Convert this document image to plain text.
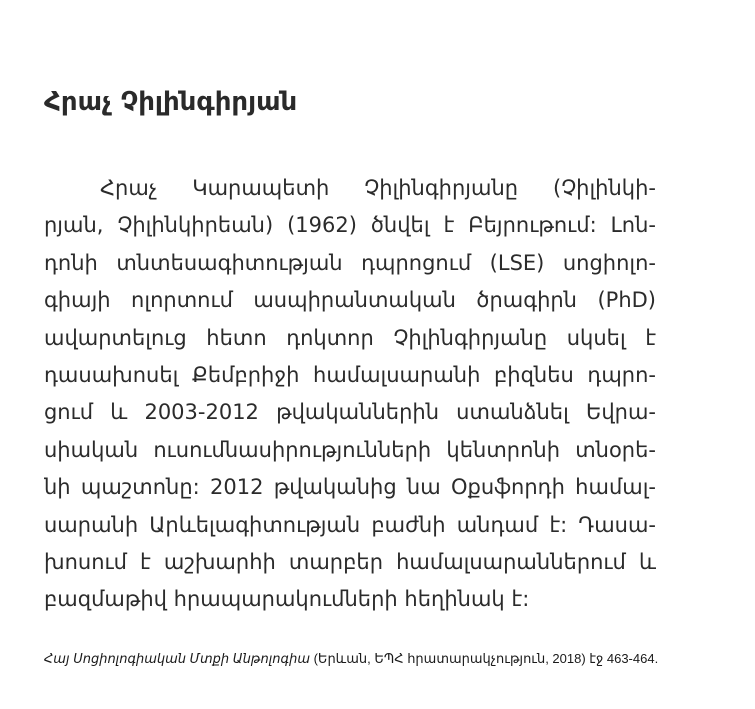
Հրաչ Չիլինգիրյան
Հրաչ Կարապետի Չիլինգիրյանը (Չիլինկի-
րյան, Չիլինկիրեան) (1962) ծնվել է Բեյրութում: Լոն-
դոնի տնտեսագիտության դպրոցում (LSE) սոցիոլո-
գիայի ոլորտում ասպիրանտական ծրագիրն (PhD)
ավարտելուց հետո դոկտոր Չիլինգիրյանը սկսել է
դասախոսել Քեմբրիջի համալսարանի բիզնես դպրո-
ցում և 2003-2012 թվականներին ստանձնել Եվրա-
սիական ուսումնասիրությունների կենտրոնի տնօրե-
նի պաշտոնը: 2012 թվականից նա Օքսֆորդի համալ-
սարանի Արևելագիտության բաժնի անդամ է: Դասա-
խոսում է աշխարհի տարբեր համալսարաններում և
բազմաթիվ հրապարակումների հեղինակ է:

Հայ Սոցիոլոգիական Մտքի Անթոլոգիա (Երևան, ԵՊՀ հրատարակչություն, 2018) էջ 463-464.
